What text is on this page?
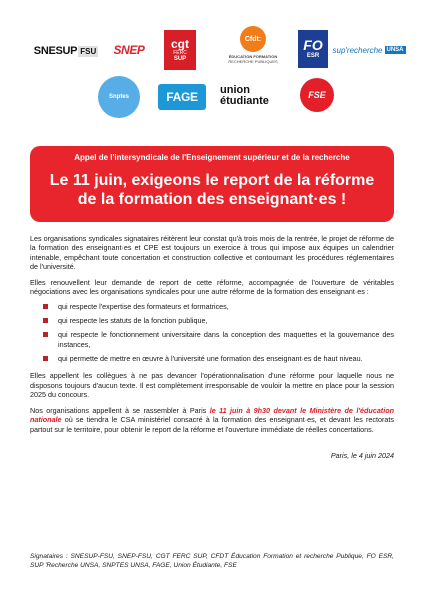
SNESUP FSU SNEP cgt
FERC
SUP
Cfdt:
ÉDUCATION FORMATION
RECHERCHE PUBLIQUES
FO
ESR
sup'recherche UNSA
Snptes	FAGE union
étudiante	FSE
Appel de l'intersyndicale de l'Enseignement supérieur et de la recherche
Le 11 juin, exigeons le report de la réforme de la formation des enseignant·es !

Les organisations syndicales signataires réitèrent leur constat qu'à trois mois de la rentrée, le projet de réforme de la formation des enseignant·es et CPE est toujours un exercice à trous qui impose aux équipes un calendrier intenable, empêchant toute concertation et construction collective et contournant les procédures réglementaires de l'université.

Elles renouvellent leur demande de report de cette réforme, accompagnée de l'ouverture de véritables négociations avec les organisations syndicales pour une autre réforme de la formation des enseignant·es :

qui respecte l'expertise des formateurs et formatrices,
qui respecte les statuts de la fonction publique,
qui respecte le fonctionnement universitaire dans la conception des maquettes et la gouvernance des instances,
qui permette de mettre en œuvre à l'université une formation des enseignant·es de haut niveau.

Elles appellent les collègues à ne pas devancer l'opérationnalisation d'une réforme pour laquelle nous ne disposons toujours d'aucun texte. Il est complètement irresponsable de vouloir la mettre en place pour la session 2025 du concours.

Nos organisations appellent à se rassembler à Paris le 11 juin à 9h30 devant le Ministère de l'éducation nationale où se tiendra le CSA ministériel consacré à la formation des enseignant·es, et devant les rectorats partout sur le territoire, pour obtenir le report de la réforme et l'ouverture immédiate de réelles concertations.

Paris, le 4 juin 2024
Signataires : SNESUP-FSU, SNEP-FSU, CGT FERC SUP, CFDT Éducation Formation et recherche Publique, FO ESR, SUP 'Recherche UNSA, SNPTES UNSA, FAGE, Union Étudiante, FSE
